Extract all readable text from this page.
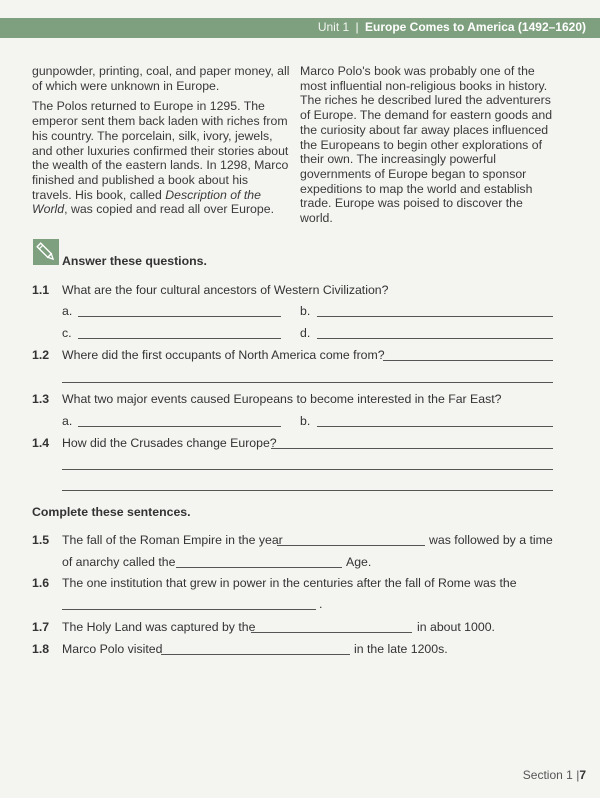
Unit 1 | Europe Comes to America (1492–1620)

gunpowder, printing, coal, and paper money, all of which were unknown in Europe.

The Polos returned to Europe in 1295. The emperor sent them back laden with riches from his country. The porcelain, silk, ivory, jewels, and other luxuries confirmed their stories about the wealth of the eastern lands. In 1298, Marco finished and published a book about his travels. His book, called Description of the World, was copied and read all over Europe.

Marco Polo's book was probably one of the most influential non-religious books in history. The riches he described lured the adventurers of Europe. The demand for eastern goods and the curiosity about far away places influenced the Europeans to begin other explorations of their own. The increasingly powerful governments of Europe began to sponsor expeditions to map the world and establish trade. Europe was poised to discover the world.

Answer these questions.
1.1 What are the four cultural ancestors of Western Civilization?
a.	b.
c.	d.
1.2 Where did the first occupants of North America come from?
1.3 What two major events caused Europeans to become interested in the Far East?
a.	b.
1.4 How did the Crusades change Europe?
Complete these sentences.
1.5 The fall of the Roman Empire in the year	was followed by a time
of anarchy called the	Age.
1.6 The one institution that grew in power in the centuries after the fall of Rome was the
.
1.7 The Holy Land was captured by the	in about 1000.
1.8 Marco Polo visited	in the late 1200s.
Section 1 |7
